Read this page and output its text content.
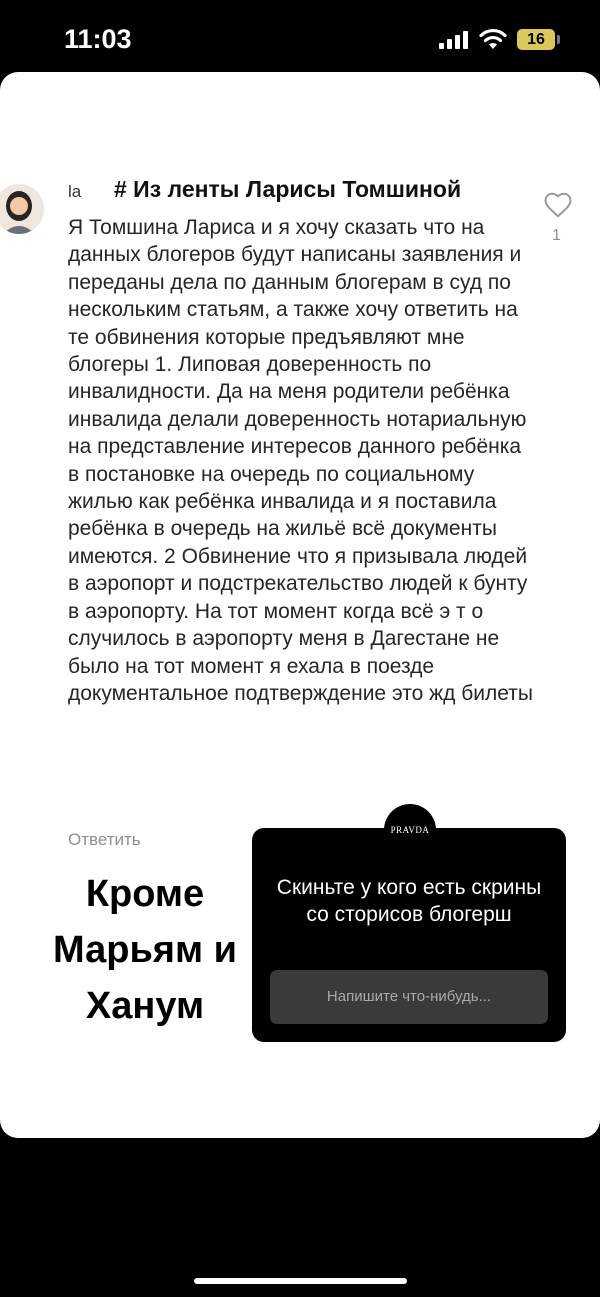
11:03	16
la # Из ленты Ларисы Томшиной
Я Томшина Лариса и я хочу сказать что на данных блогеров будут написаны заявления и переданы дела по данным блогерам в суд по нескольким статьям, а также хочу ответить на те обвинения которые предъявляют мне блогеры 1. Липовая доверенность по инвалидности. Да на меня родители ребёнка инвалида делали доверенность нотариальную на представление интересов данного ребёнка в постановке на очередь по социальному жилью как ребёнка инвалида и я поставила ребёнка в очередь на жильё всё документы имеются. 2 Обвинение что я призывала людей в аэропорт и подстрекательство людей к бунту в аэропорту. На тот момент когда всё э т о случилось в аэропорту меня в Дагестане не было на тот момент я ехала в поезде документальное подтверждение это жд билеты
Ответить
1
Кроме
Марьям и
Ханум
Скиньте у кого есть скрины со сторисов блогерш
Напишите что-нибудь...
PRAVDA
